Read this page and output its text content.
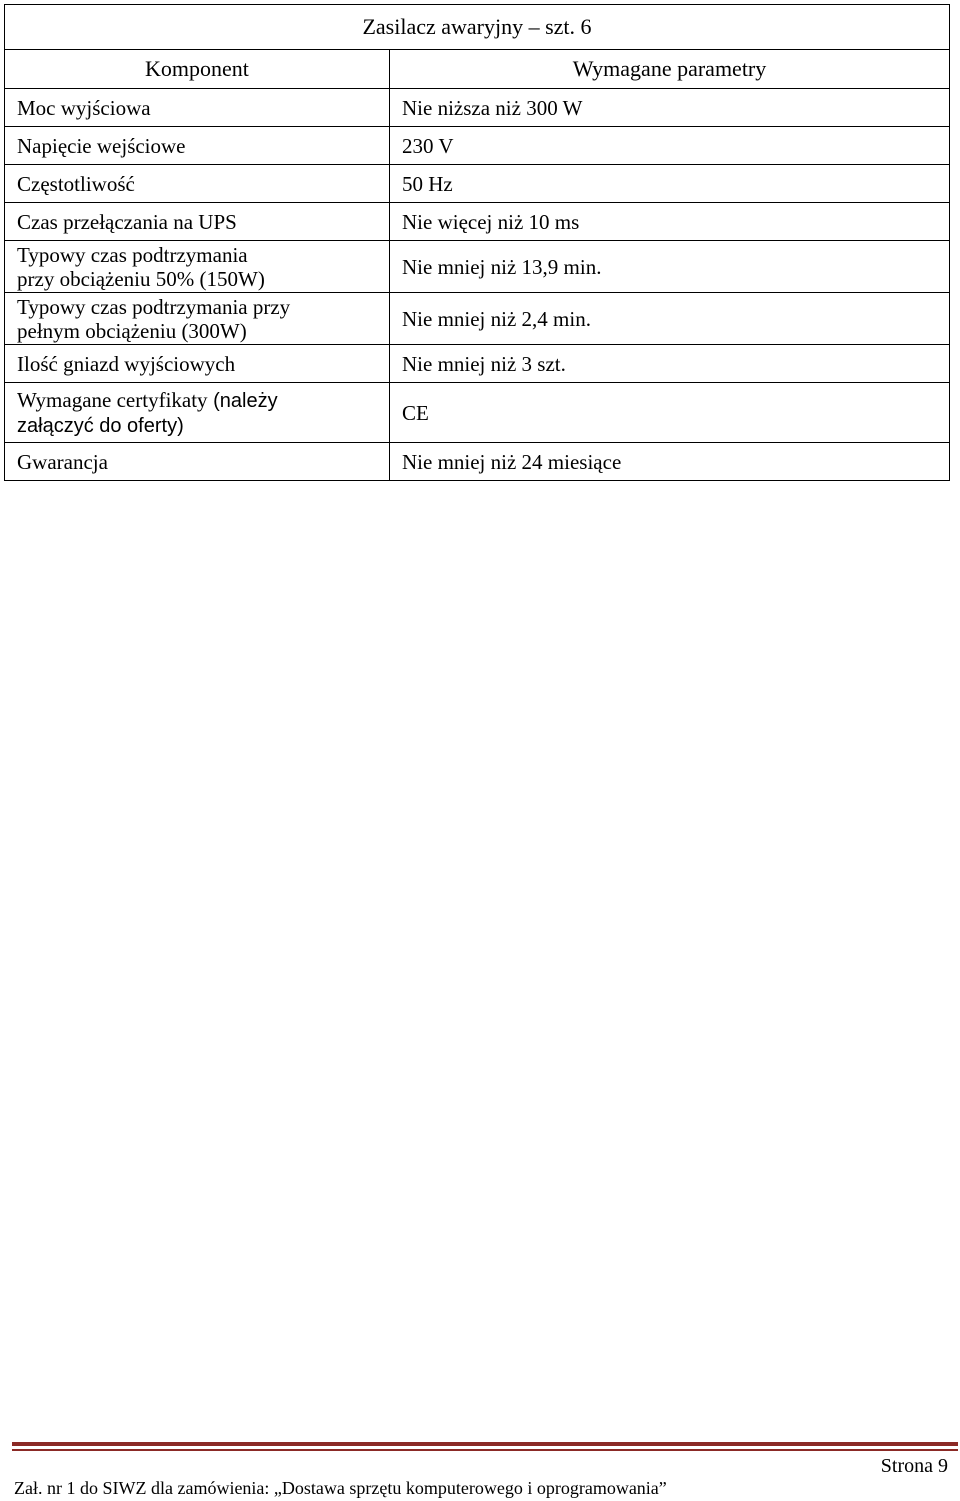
Zasilacz awaryjny – szt. 6	
Komponent	Wymagane parametry
Moc wyjściowa	Nie niższa niż 300 W
Napięcie wejściowe	230 V
Częstotliwość	50 Hz
Czas przełączania na UPS	Nie więcej niż 10 ms
Typowy czas podtrzymania
przy obciążeniu 50% (150W)	Nie mniej niż 13,9 min.
Typowy czas podtrzymania przy
pełnym obciążeniu (300W)	Nie mniej niż 2,4 min.
Ilość gniazd wyjściowych	Nie mniej niż 3 szt.
Wymagane certyfikaty (należy
załączyć do oferty)	CE
Gwarancja	Nie mniej niż 24 miesiące
Strona 9
Zał. nr 1 do SIWZ dla zamówienia: „Dostawa sprzętu komputerowego i oprogramowania”
